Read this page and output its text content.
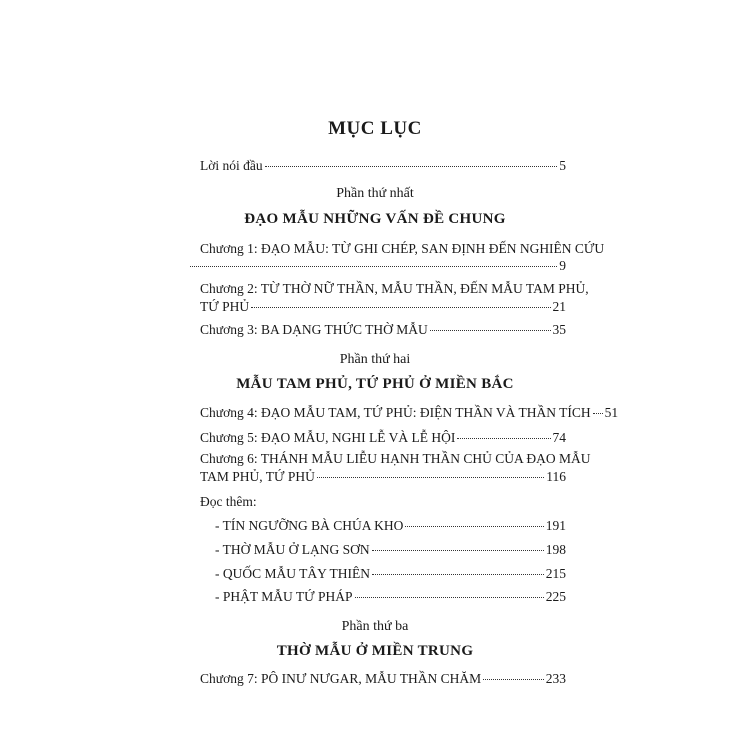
MỤC LỤC
Lời nói đầu	5
Phần thứ nhất
ĐẠO MẪU NHỮNG VẤN ĐỀ CHUNG
Chương 1: ĐẠO MẪU: TỪ GHI CHÉP, SAN ĐỊNH ĐẾN NGHIÊN CỨU
9
Chương 2: TỪ THỜ NỮ THẦN, MẪU THẦN, ĐẾN MẪU TAM PHỦ,
TỨ PHỦ	21
Chương 3: BA DẠNG THỨC THỜ MẪU	35
Phần thứ hai
MẪU TAM PHỦ, TỨ PHỦ Ở MIỀN BẮC
Chương 4: ĐẠO MẪU TAM, TỨ PHỦ: ĐIỆN THẦN VÀ THẦN TÍCH 51
Chương 5: ĐẠO MẪU, NGHI LỄ VÀ LỄ HỘI	74
Chương 6: THÁNH MẪU LIỄU HẠNH THẦN CHỦ CỦA ĐẠO MẪU
TAM PHỦ, TỨ PHỦ	116
Đọc thêm:
- TÍN NGƯỠNG BÀ CHÚA KHO	191
- THỜ MẪU Ở LẠNG SƠN	198
- QUỐC MẪU TÂY THIÊN	215
- PHẬT MẪU TỨ PHÁP	225
Phần thứ ba
THỜ MẪU Ở MIỀN TRUNG
Chương 7: PÔ INƯ NƯGAR, MẪU THẦN CHĂM	233
